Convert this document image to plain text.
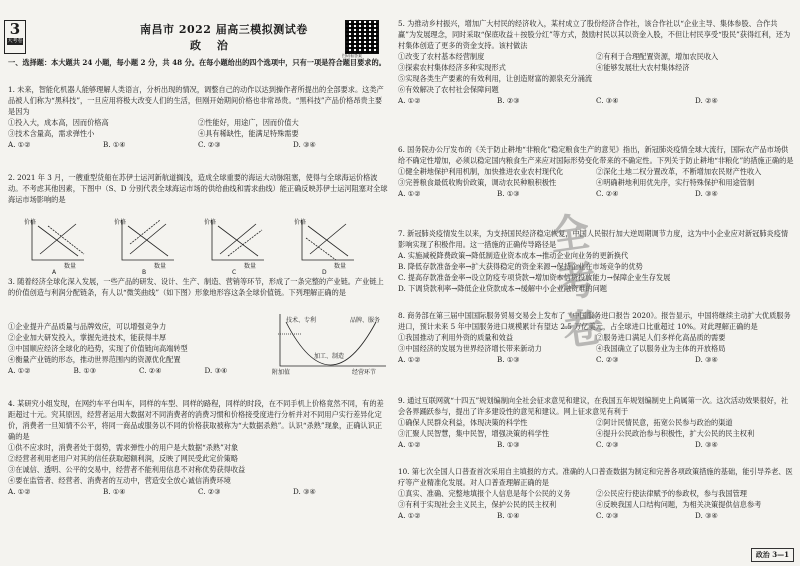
3
大考卷
南昌市 2022 届高三模拟测试卷
政 治
扫码看答案
一、选择题：本大题共 24 小题，每小题 2 分，共 48 分。在每小题给出的四个选项中，只有一项是符合题目要求的。

1. 未来，智能化机器人能够理解人类语言，分析出现的情况，调整自己的动作以达到操作者所提出的全部要求。这类产品被人们称为“黑科技”，一旦应用将极大改变人们的生活，但刚开始期间价格也非常昂贵。“黑科技”产品价格昂贵主要是因为

①投入大，成本高，因而价格高	②性能好，用途广，因而价值大
③技术含量高，需求弹性小	④具有稀缺性，能满足特殊需要
A. ①②	B. ①④	C. ②③	D. ③④

2. 2021 年 3 月，一艘重型货船在苏伊士运河新航道搁浅，造成全球重要的海运大动脉阻塞，使得与全球海运价格波动。不考虑其他因素，下图中（S、D 分别代表全球海运市场的供给曲线和需求曲线）能正确反映苏伊士运河阻塞对全球海运市场影响的是

价格
数量
A
价格
数量
B
价格
数量
C
价格
数量
D

3. 随着经济全球化深入发展，一些产品的研发、设计、生产、制造、营销等环节，形成了一条完整的产业链。产业链上的价值创造与利润分配链条，有人以“微笑曲线”（如下图）形象地形容这条全球价值链。下列理解正确的是

①企业提升产品质量与品牌效应，可以增强竞争力

②企业加大研发投入，掌握先进技术，能获得丰厚

③中国顺应经济全球化的趋势，实现了价值链向高端转型

④衡量产业链的形态，推动世界范围内的资源优化配置

A. ①②	B. ①③	C. ②④	D. ③④
技术、专利	品牌、服务
加工、制造
附加值	经营环节

4. 某研究小组发现，在网约车平台叫车，同样的车型、同样的路程，同样的时段，在不同手机上价格竟然不同，有的差距超过十元。究其原因，经营者运用大数据对不同消费者的消费习惯和价格接受度进行分析并对不同用户实行差异化定价，消费者一旦知情不公平，将同一商品或服务以不同的价格获取被称为“大数据杀熟”。认识“杀熟”现象，正确认识正确的是

①供不应求时，消费者处于弱势，需求弹性小的用户是大数据“杀熟”对象

②经营者利用老用户对其的信任获取超额利润，反映了网民受此定价策略

③在诚信、透明、公平的交易中，经营者不能利用信息不对称优势获得收益

④要在监管者、经营者、消费者的互动中，营造安全放心诚信消费环境

A. ①②	B. ①④	C. ②③	D. ③④

5. 为推动乡村振兴，增加广大村民的经济收入，某村成立了股份经济合作社，该合作社以“企业主导、集体参股、合作共赢”为发展理念，同时采取“保底收益＋按股分红”等方式，鼓励村民以其以资金入股，不但让村民享受“股民”获得红利，还为村集体创造了更多的资金支持。该村做法

①改变了农村基本经营制度	②有利于合理配置资源，增加农民收入
③探索农村集体经济多种实现形式	④能够发展壮大农村集体经济

⑤实现各类生产要素的有效利用，让创造财富的源泉充分涌流

⑥有效解决了农村社会保障问题

A. ①②	B. ②③	C. ③④	D. ②④

6. 国务院办公厅发布的《关于防止耕地“非粮化”稳定粮食生产的意见》指出，新冠肺炎疫情全球大流行，国际农产品市场供给不确定性增加，必须以稳定国内粮食生产来应对国际形势变化带来的不确定性。下列关于防止耕地“非粮化”的措施正确的是

①健全耕地保护利用机制，加快推进农业农村现代化	②深化土地二权分置改革，不断增加农民财产性收入
③完善粮食最低收购价政策，调动农民种粮积极性	④明确耕地利用优先序，实行特殊保护和用途管制
A. ①②	B. ①③	C. ②④	D. ③④

7. 新冠肺炎疫情发生以来，为支持国民经济稳定恢复，中国人民银行加大逆周期调节力度，这为中小企业应对新冠肺炎疫情影响实现了积极作用。这一措施的正确传导路径是

A. 实施减税降费政策→降低制造业资本成本→推动企业向业务的更新换代

B. 降低存款准备金率→扩大获得稳定的资金来源→保持企业在市场竞争的优势

C. 提高存款准备金率→设立防疫专项贷款→增加资本信贷投放能力→保障企业生存发展

D. 下调贷款利率→降低企业贷款成本→缓解中小企业融资难的问题

8. 商务部在第三届中国国际服务贸易交易会上发布了《中国服务进口报告 2020》。报告显示，中国将继续主动扩大优质服务进口，预计未来 5 年中国服务进口规模累计有望达 2.5 万亿美元，占全球进口比重超过 10%。对此理解正确的是

①我国推动了利用外资的质量和效益	②服务进口满足人们多样化高品质的需要
③中国经济的发展为世界经济增长带来新动力	④我国确立了以服务业为主体的开放格局
A. ①②	B. ①③	C. ②③	D. ③④

9. 通过互联网就“十四五”规划编制向全社会征求意见和建议，在我国五年规划编制史上尚属第一次。这次活动效果很好，社会各界踊跃参与，提出了许多建设性的意见和建议。网上征求意见有利于

①确保人民群众利益，体现决策的科学性	②阿计民情民意，拓宽公民参与政治的渠道
③汇聚人民智慧，集中民智，增强决策的科学性	④提升公民政治参与积极性，扩大公民的民主权利
A. ①②	B. ①③	C. ②③	D. ③④

10. 第七次全国人口普查首次采用自主填报的方式。准确的人口普查数据为制定和完善各项政策措施的基础，能引导养老、医疗等产业精准化发展。对人口普查理解正确的是

①真实、准确、完整地填报个人信息是每个公民的义务	②公民应行使法律赋予的参政权，参与我国管理
③有利于实现社会主义民主，保护公民的民主权利	④反映我国人口结构问题，为相关决策提供信息参考
A. ①②	B. ①④	C. ②③	D. ③④
全考卷
政治 3—1
